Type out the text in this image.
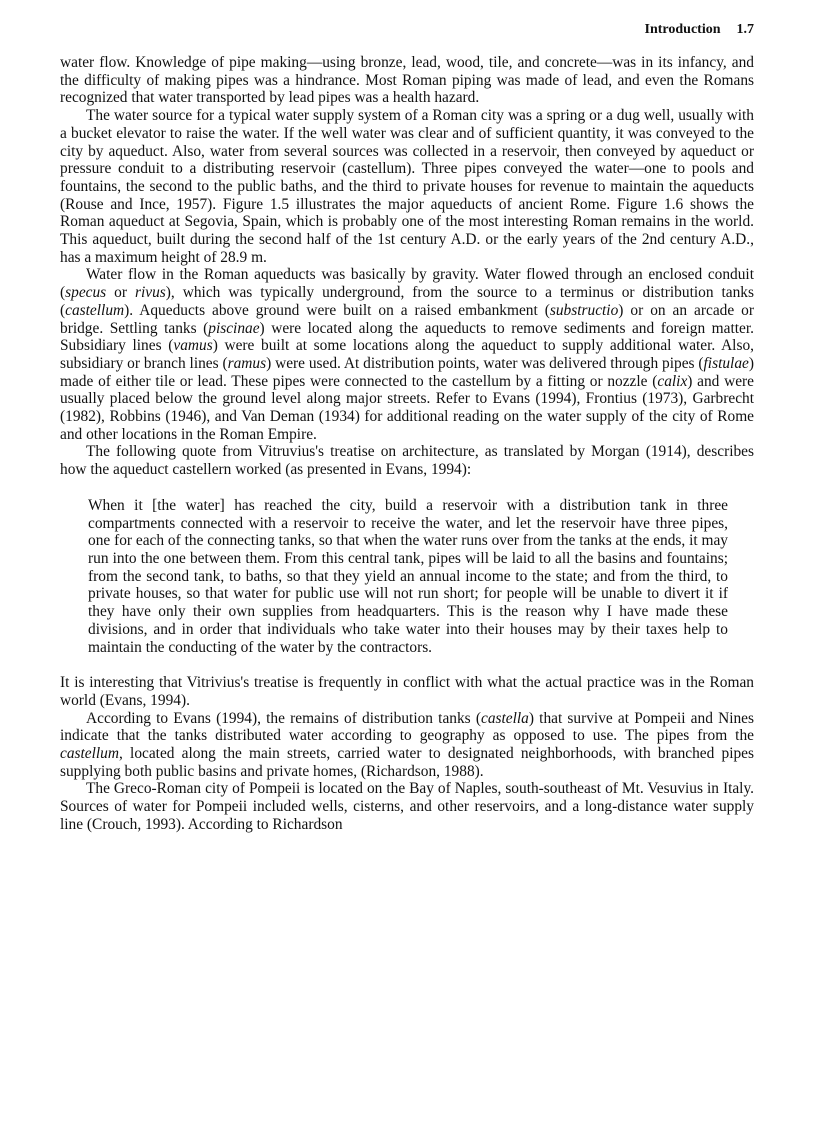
Introduction 1.7

water flow. Knowledge of pipe making—using bronze, lead, wood, tile, and concrete—was in its infancy, and the difficulty of making pipes was a hindrance. Most Roman piping was made of lead, and even the Romans recognized that water transported by lead pipes was a health hazard.

The water source for a typical water supply system of a Roman city was a spring or a dug well, usually with a bucket elevator to raise the water. If the well water was clear and of sufficient quantity, it was conveyed to the city by aqueduct. Also, water from several sources was collected in a reservoir, then conveyed by aqueduct or pressure conduit to a distributing reservoir (castellum). Three pipes conveyed the water—one to pools and fountains, the second to the public baths, and the third to private houses for revenue to maintain the aqueducts (Rouse and Ince, 1957). Figure 1.5 illustrates the major aqueducts of ancient Rome. Figure 1.6 shows the Roman aqueduct at Segovia, Spain, which is probably one of the most interesting Roman remains in the world. This aqueduct, built during the second half of the 1st century A.D. or the early years of the 2nd century A.D., has a maximum height of 28.9 m.

Water flow in the Roman aqueducts was basically by gravity. Water flowed through an enclosed conduit (specus or rivus), which was typically underground, from the source to a terminus or distribution tanks (castellum). Aqueducts above ground were built on a raised embankment (substructio) or on an arcade or bridge. Settling tanks (piscinae) were located along the aqueducts to remove sediments and foreign matter. Subsidiary lines (vamus) were built at some locations along the aqueduct to supply additional water. Also, subsidiary or branch lines (ramus) were used. At distribution points, water was delivered through pipes (fistulae) made of either tile or lead. These pipes were connected to the castellum by a fitting or nozzle (calix) and were usually placed below the ground level along major streets. Refer to Evans (1994), Frontius (1973), Garbrecht (1982), Robbins (1946), and Van Deman (1934) for additional reading on the water supply of the city of Rome and other locations in the Roman Empire.

The following quote from Vitruvius's treatise on architecture, as translated by Morgan (1914), describes how the aqueduct castellern worked (as presented in Evans, 1994):

When it [the water] has reached the city, build a reservoir with a distribution tank in three compartments connected with a reservoir to receive the water, and let the reservoir have three pipes, one for each of the connecting tanks, so that when the water runs over from the tanks at the ends, it may run into the one between them. From this central tank, pipes will be laid to all the basins and fountains; from the second tank, to baths, so that they yield an annual income to the state; and from the third, to private houses, so that water for public use will not run short; for people will be unable to divert it if they have only their own supplies from headquarters. This is the reason why I have made these divisions, and in order that individuals who take water into their houses may by their taxes help to maintain the conducting of the water by the contractors.

It is interesting that Vitrivius's treatise is frequently in conflict with what the actual practice was in the Roman world (Evans, 1994).

According to Evans (1994), the remains of distribution tanks (castella) that survive at Pompeii and Nines indicate that the tanks distributed water according to geography as opposed to use. The pipes from the castellum, located along the main streets, carried water to designated neighborhoods, with branched pipes supplying both public basins and private homes, (Richardson, 1988).

The Greco-Roman city of Pompeii is located on the Bay of Naples, south-southeast of Mt. Vesuvius in Italy. Sources of water for Pompeii included wells, cisterns, and other reservoirs, and a long-distance water supply line (Crouch, 1993). According to Richardson
